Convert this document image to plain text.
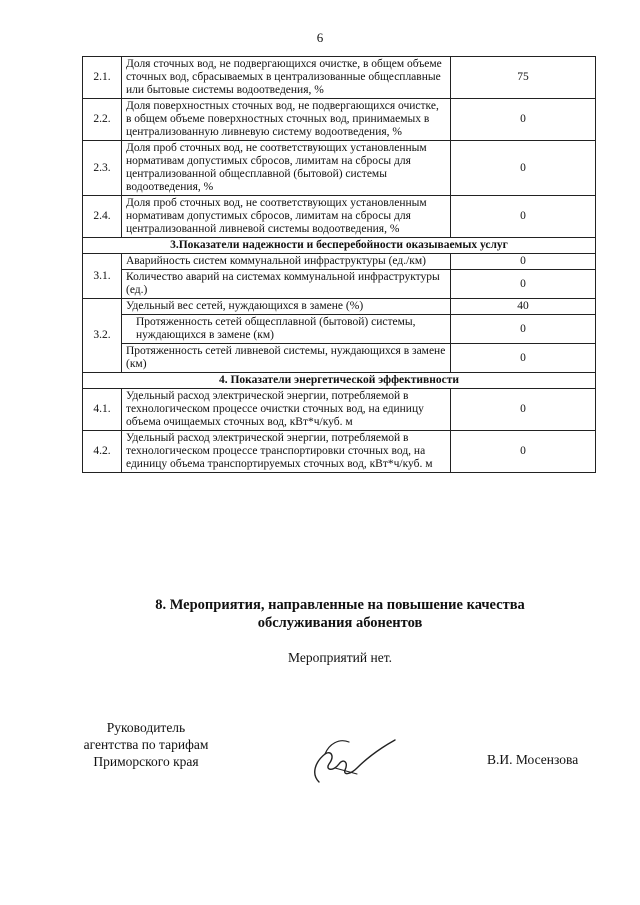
6
2.1.	Доля сточных вод, не подвергающихся очистке, в общем объеме сточных вод, сбрасываемых в централизованные общесплавные или бытовые системы водоотведения, %	75
2.2.	Доля поверхностных сточных вод, не подвергающихся очистке, в общем объеме поверхностных сточных вод, принимаемых в централизованную ливневую систему водоотведения, %	0
2.3.	Доля проб сточных вод, не соответствующих установленным нормативам допустимых сбросов, лимитам на сбросы для централизованной общесплавной (бытовой) системы водоотведения, %	0
2.4.	Доля проб сточных вод, не соответствующих установленным нормативам допустимых сбросов, лимитам на сбросы для централизованной ливневой системы водоотведения, %	0
3.Показатели надежности и бесперебойности оказываемых услуг		
3.1.	Аварийность систем коммунальной инфраструктуры (ед./км)	0
	Количество аварий на системах коммунальной инфраструктуры (ед.)	0
3.2.	Удельный вес сетей, нуждающихся в замене (%)	40
	Протяженность сетей общесплавной (бытовой) системы, нуждающихся в замене (км)	0
	Протяженность сетей ливневой системы, нуждающихся в замене (км)	0
4. Показатели энергетической эффективности		
4.1.	Удельный расход электрической энергии, потребляемой в технологическом процессе очистки сточных вод, на единицу объема очищаемых сточных вод, кВт*ч/куб. м	0
4.2.	Удельный расход электрической энергии, потребляемой в технологическом процессе транспортировки сточных вод, на единицу объема транспортируемых сточных вод, кВт*ч/куб. м	0
8. Мероприятия, направленные на повышение качества
обслуживания абонентов
Мероприятий нет.
Руководитель
агентства по тарифам
Приморского края	В.И. Мосензова
